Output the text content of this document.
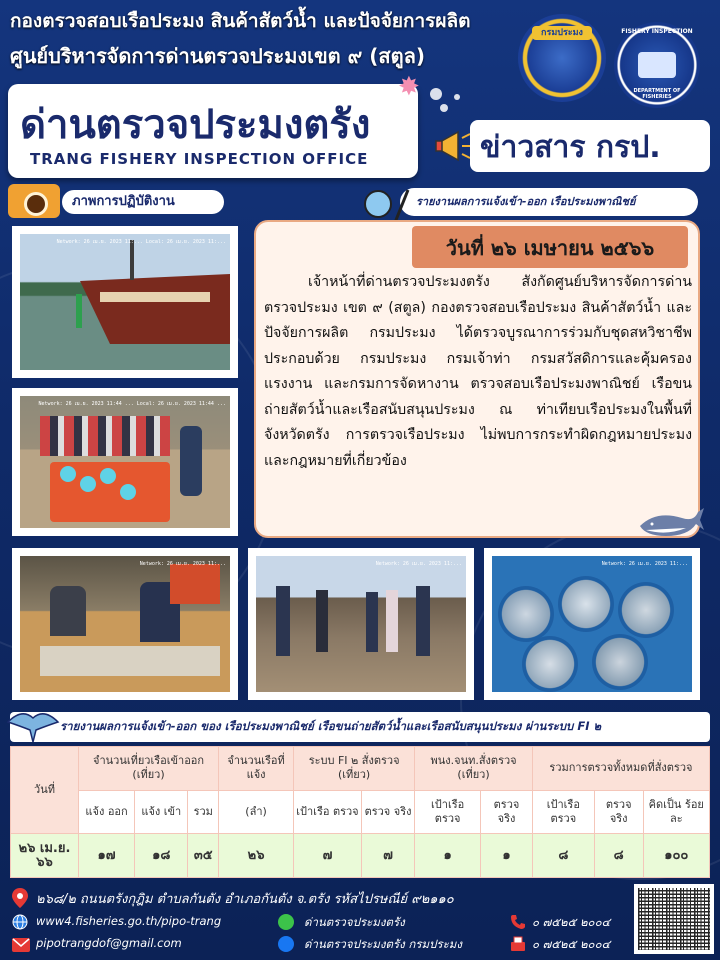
กองตรวจสอบเรือประมง สินค้าสัตว์น้ำ และปัจจัยการผลิต
ศูนย์บริหารจัดการด่านตรวจประมงเขต ๙ (สตูล)
กรมประมง
	FISHERY INSPECTION
DEPARTMENT OF FISHERIES
ด่านตรวจประมงตรัง
TRANG FISHERY INSPECTION OFFICE
✸
ข่าวสาร กรป.
ภาพการปฏิบัติงาน	รายงานผลการแจ้งเข้า-ออก เรือประมงพาณิชย์
Network: 26 เม.ย. 2023 11:... Local: 26 เม.ย. 2023 11:...
Network: 26 เม.ย. 2023 11:44 ... Local: 26 เม.ย. 2023 11:44 ...
วันที่ ๒๖ เมษายน ๒๕๖๖
เจ้าหน้าที่ด่านตรวจประมงตรัง สังกัดศูนย์บริหารจัดการด่านตรวจประมง เขต ๙ (สตูล) กองตรวจสอบเรือประมง สินค้าสัตว์น้ำ และปัจจัยการผลิต กรมประมง ได้ตรวจบูรณาการร่วมกับชุดสหวิชาชีพ ประกอบด้วย กรมประมง กรมเจ้าท่า กรมสวัสดิการและคุ้มครองแรงงาน และกรมการจัดหางาน ตรวจสอบเรือประมงพาณิชย์ เรือขนถ่ายสัตว์น้ำและเรือสนับสนุนประมง ณ ท่าเทียบเรือประมงในพื้นที่จังหวัดตรัง การตรวจเรือประมง ไม่พบการกระทำผิดกฎหมายประมงและกฎหมายที่เกี่ยวข้อง
Network: 26 เม.ย. 2023 11:...	Network: 26 เม.ย. 2023 11:...	Network: 26 เม.ย. 2023 11:...
รายงานผลการแจ้งเข้า-ออก ของ เรือประมงพาณิชย์ เรือขนถ่ายสัตว์น้ำและเรือสนับสนุนประมง ผ่านระบบ FI ๒
วันที่	จำนวนเที่ยวเรือเข้าออก (เที่ยว)			จำนวนเรือที่แจ้ง	ระบบ FI ๒ สั่งตรวจ (เที่ยว)		พนง.จนท.สั่งตรวจ (เที่ยว)		รวมการตรวจทั้งหมดที่สั่งตรวจ		
	แจ้ง ออก	แจ้ง เข้า	รวม	(ลำ)	เป้าเรือ ตรวจ	ตรวจ จริง	เป้าเรือ ตรวจ	ตรวจ จริง	เป้าเรือ ตรวจ	ตรวจ จริง	คิดเป็น ร้อยละ
๒๖ เม.ย. ๖๖	๑๗	๑๘	๓๕	๒๖	๗	๗	๑	๑	๘	๘	๑๐๐
๒๖๘/๒ ถนนตรังกุฎิม ตำบลกันตัง อำเภอกันตัง จ.ตรัง รหัสไปรษณีย์ ๙๒๑๑๐
www4.fisheries.go.th/pipo-trang	ด่านตรวจประมงตรัง	๐ ๗๕๒๕ ๒๐๐๔
pipotrangdof@gmail.com	ด่านตรวจประมงตรัง กรมประมง	๐ ๗๕๒๕ ๒๐๐๔
